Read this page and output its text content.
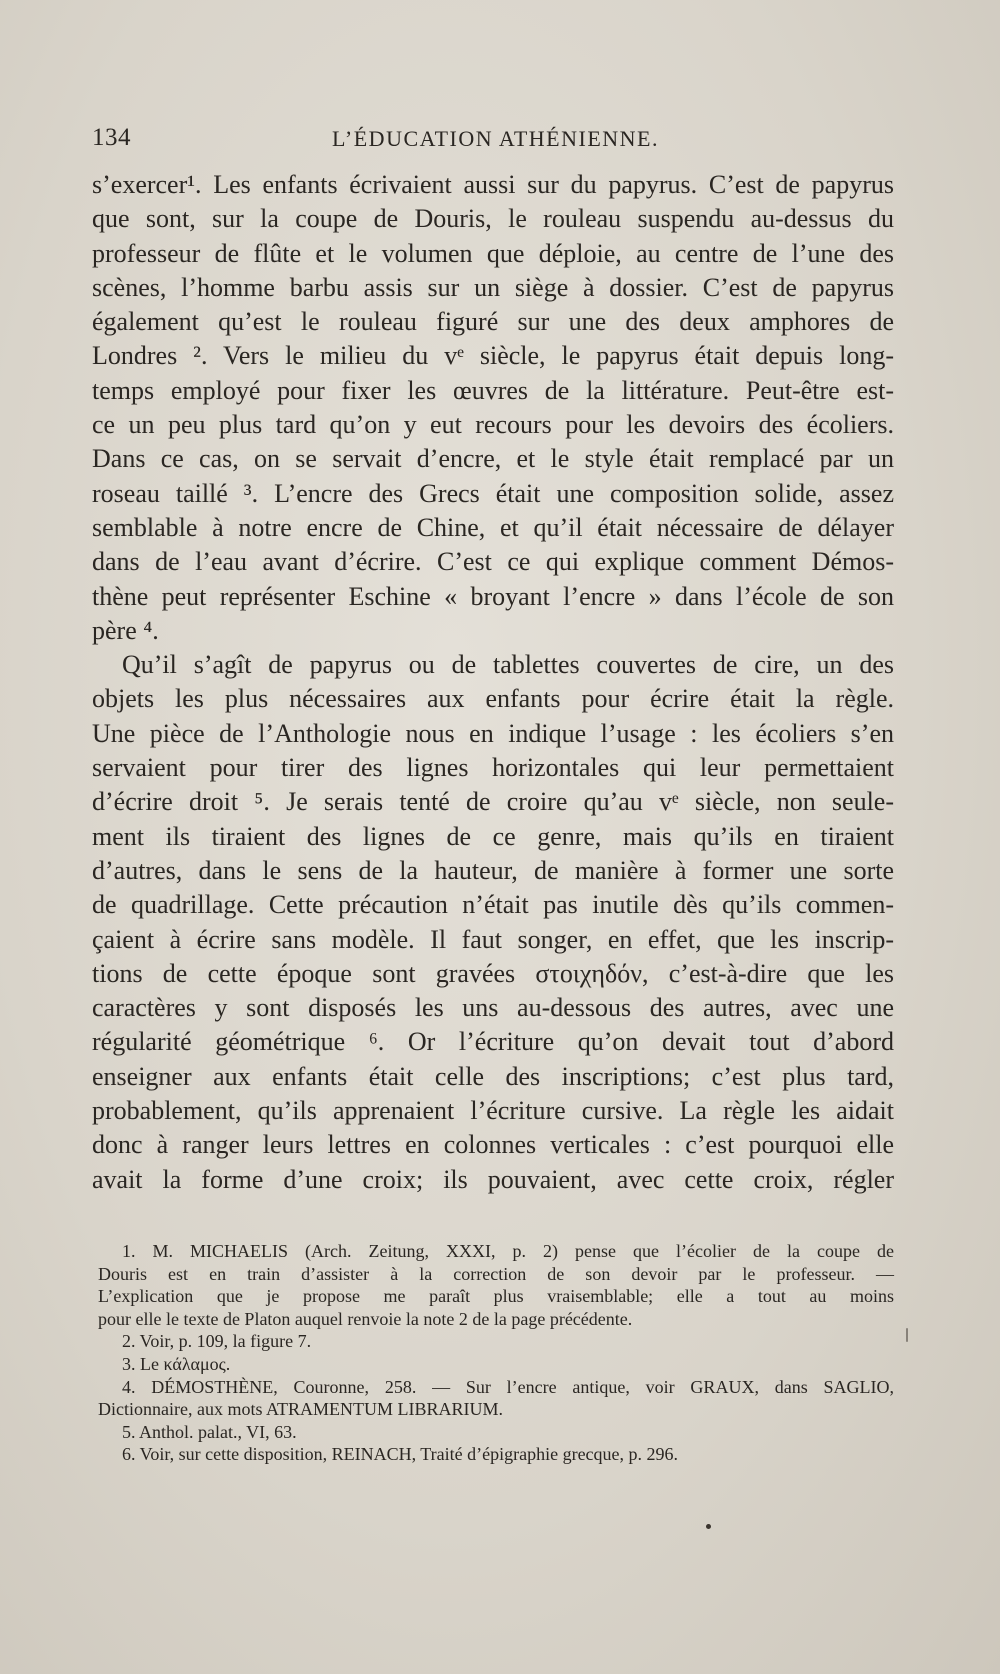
134	L’ÉDUCATION ATHÉNIENNE.
s’exercer¹. Les enfants écrivaient aussi sur du papyrus. C’est de papyrus
que sont, sur la coupe de Douris, le rouleau suspendu au-dessus du
professeur de flûte et le volumen que déploie, au centre de l’une des
scènes, l’homme barbu assis sur un siège à dossier. C’est de papyrus
également qu’est le rouleau figuré sur une des deux amphores de
Londres ². Vers le milieu du vᵉ siècle, le papyrus était depuis long-
temps employé pour fixer les œuvres de la littérature. Peut-être est-
ce un peu plus tard qu’on y eut recours pour les devoirs des écoliers.
Dans ce cas, on se servait d’encre, et le style était remplacé par un
roseau taillé ³. L’encre des Grecs était une composition solide, assez
semblable à notre encre de Chine, et qu’il était nécessaire de délayer
dans de l’eau avant d’écrire. C’est ce qui explique comment Démos-
thène peut représenter Eschine « broyant l’encre » dans l’école de son
père ⁴.
Qu’il s’agît de papyrus ou de tablettes couvertes de cire, un des
objets les plus nécessaires aux enfants pour écrire était la règle.
Une pièce de l’Anthologie nous en indique l’usage : les écoliers s’en
servaient pour tirer des lignes horizontales qui leur permettaient
d’écrire droit ⁵. Je serais tenté de croire qu’au vᵉ siècle, non seule-
ment ils tiraient des lignes de ce genre, mais qu’ils en tiraient
d’autres, dans le sens de la hauteur, de manière à former une sorte
de quadrillage. Cette précaution n’était pas inutile dès qu’ils commen-
çaient à écrire sans modèle. Il faut songer, en effet, que les inscrip-
tions de cette époque sont gravées στοιχηδόν, c’est-à-dire que les
caractères y sont disposés les uns au-dessous des autres, avec une
régularité géométrique ⁶. Or l’écriture qu’on devait tout d’abord
enseigner aux enfants était celle des inscriptions; c’est plus tard,
probablement, qu’ils apprenaient l’écriture cursive. La règle les aidait
donc à ranger leurs lettres en colonnes verticales : c’est pourquoi elle
avait la forme d’une croix; ils pouvaient, avec cette croix, régler
1. M. MICHAELIS (Arch. Zeitung, XXXI, p. 2) pense que l’écolier de la coupe de
Douris est en train d’assister à la correction de son devoir par le professeur. —
L’explication que je propose me paraît plus vraisemblable; elle a tout au moins
pour elle le texte de Platon auquel renvoie la note 2 de la page précédente.
2. Voir, p. 109, la figure 7.
3. Le κάλαμος.
4. DÉMOSTHÈNE, Couronne, 258. — Sur l’encre antique, voir GRAUX, dans SAGLIO,
Dictionnaire, aux mots ATRAMENTUM LIBRARIUM.
5. Anthol. palat., VI, 63.
6. Voir, sur cette disposition, REINACH, Traité d’épigraphie grecque, p. 296.
